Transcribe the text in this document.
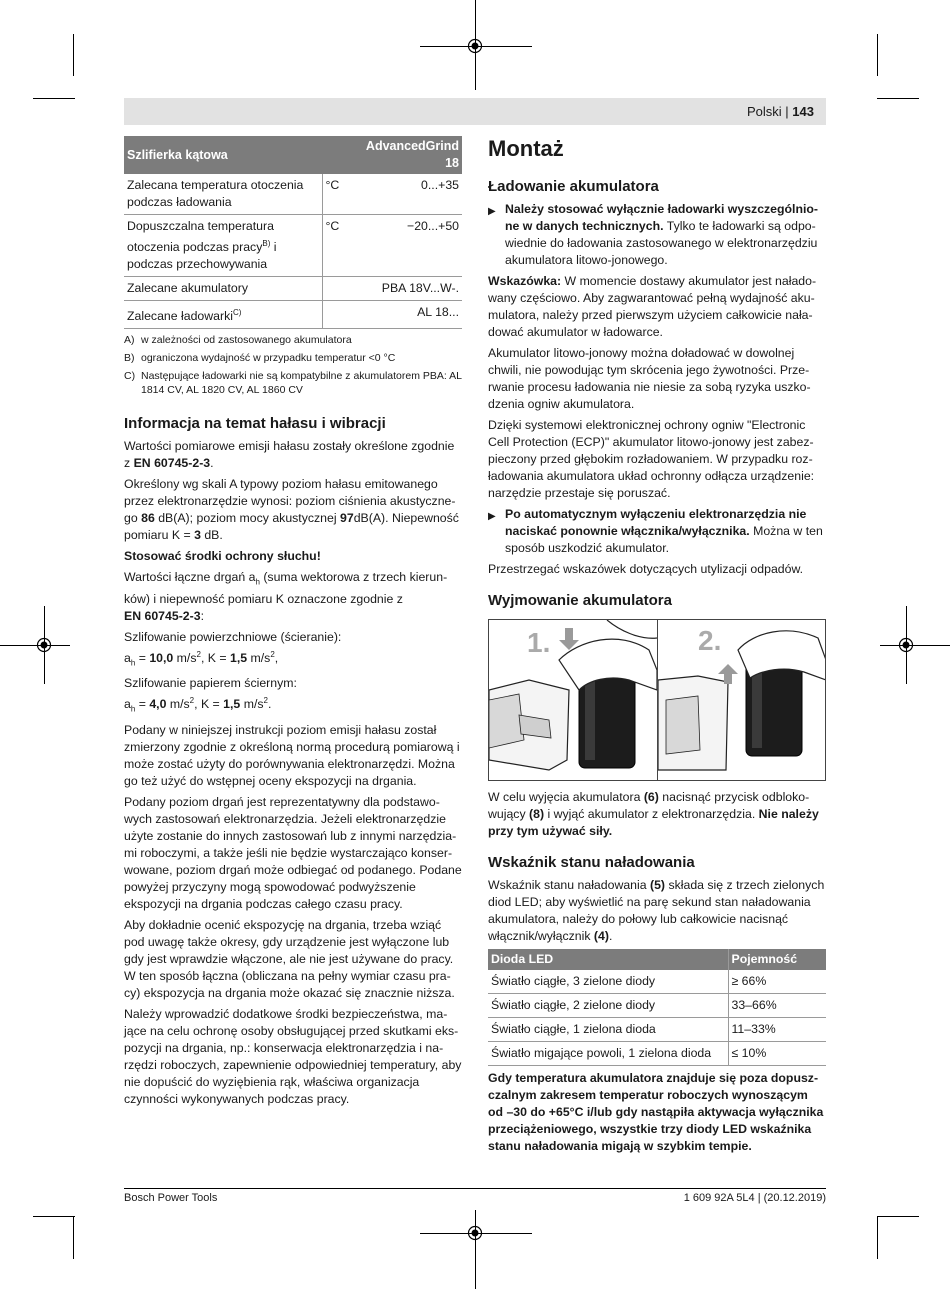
Polski | 143
Szlifierka kątowa		AdvancedGrind 18
Zalecana temperatura otoczenia podczas ładowania	°C	0...+35
Dopuszczalna temperatura otoczenia podczas pracy$^{B)}$ i podczas przechowywania	°C	−20...+50
Zalecane akumulatory		PBA 18V...W-.
Zalecane ładowarki$^{C)}$		AL 18...
A) w zależności od zastosowanego akumulatora
B) ograniczona wydajność w przypadku temperatur <0 °C
C) Następujące ładowarki nie są kompatybilne z akumulatorem PBA: AL 1814 CV, AL 1820 CV, AL 1860 CV
Informacja na temat hałasu i wibracji

Wartości pomiarowe emisji hałasu zostały określone zgodnie z EN 60745-2-3.

Określony wg skali A typowy poziom hałasu emitowanego przez elektronarzędzie wynosi: poziom ciśnienia akustycznego 86 dB(A); poziom mocy akustycznej 97dB(A). Niepewność pomiaru K = 3 dB.

Stosować środki ochrony słuchu!

Wartości łączne drgań $a_h$ (suma wektorowa z trzech kierunków) i niepewność pomiaru K oznaczone zgodnie z
EN 60745-2-3:

Szlifowanie powierzchniowe (ścieranie):
$a_h = 10,0$ $m/s^2$, K = 1,5 $m/s^2$,

Szlifowanie papierem ściernym:
$a_h = 4,0$ $m/s^2$, K = 1,5 $m/s^2$.

Podany w niniejszej instrukcji poziom emisji hałasu został zmierzony zgodnie z określoną normą procedurą pomiarową i może zostać użyty do porównywania elektronarzędzi. Można go też użyć do wstępnej oceny ekspozycji na drgania.

Podany poziom drgań jest reprezentatywny dla podstawowych zastosowań elektronarzędzia. Jeżeli elektronarzędzie użyte zostanie do innych zastosowań lub z innymi narzędziami roboczymi, a także jeśli nie będzie wystarczająco konserwowane, poziom drgań może odbiegać od podanego. Podane powyżej przyczyny mogą spowodować podwyższenie ekspozycji na drgania podczas całego czasu pracy.

Aby dokładnie ocenić ekspozycję na drgania, trzeba wziąć pod uwagę także okresy, gdy urządzenie jest wyłączone lub gdy jest wprawdzie włączone, ale nie jest używane do pracy. W ten sposób łączna (obliczana na pełny wymiar czasu pracy) ekspozycja na drgania może okazać się znacznie niższa.

Należy wprowadzić dodatkowe środki bezpieczeństwa, mające na celu ochronę osoby obsługującej przed skutkami ekspozycji na drgania, np.: konserwacja elektronarzędzia i narzędzi roboczych, zapewnienie odpowiedniej temperatury, aby nie dopuścić do wyziębienia rąk, właściwa organizacja czynności wykonywanych podczas pracy.

Montaż
Ładowanie akumulatora
▶ Należy stosować wyłącznie ładowarki wyszczególnione w danych technicznych. Tylko te ładowarki są odpowiednie do ładowania zastosowanego w elektronarzędziu akumulatora litowo-jonowego.

Wskazówka: W momencie dostawy akumulator jest naładowany częściowo. Aby zagwarantować pełną wydajność akumulatora, należy przed pierwszym użyciem całkowicie naładować akumulator w ładowarce.

Akumulator litowo-jonowy można doładować w dowolnej chwili, nie powodując tym skrócenia jego żywotności. Przerwanie procesu ładowania nie niesie za sobą ryzyka uszkodzenia ogniw akumulatora.

Dzięki systemowi elektronicznej ochrony ogniw "Electronic Cell Protection (ECP)" akumulator litowo-jonowy jest zabezpieczony przed głębokim rozładowaniem. W przypadku rozładowania akumulatora układ ochronny odłącza urządzenie: narzędzie przestaje się poruszać.

▶ Po automatycznym wyłączeniu elektronarzędzia nie naciskać ponownie włącznika/wyłącznika. Można w ten sposób uszkodzić akumulator.

Przestrzegać wskazówek dotyczących utylizacji odpadów.

Wyjmowanie akumulatora
1.	2.

W celu wyjęcia akumulatora (6) nacisnąć przycisk odblokowujący (8) i wyjąć akumulator z elektronarzędzia. Nie należy przy tym używać siły.

Wskaźnik stanu naładowania

Wskaźnik stanu naładowania (5) składa się z trzech zielonych diod LED; aby wyświetlić na parę sekund stan naładowania akumulatora, należy do połowy lub całkowicie nacisnąć włącznik/wyłącznik (4).

Dioda LED	Pojemność
Światło ciągłe, 3 zielone diody	≥ 66%
Światło ciągłe, 2 zielone diody	33–66%
Światło ciągłe, 1 zielona dioda	11–33%
Światło migające powoli, 1 zielona dioda	≤ 10%

Gdy temperatura akumulatora znajduje się poza dopuszczalnym zakresem temperatur roboczych wynoszącym od –30 do +65°C i/lub gdy nastąpiła aktywacja wyłącznika przeciążeniowego, wszystkie trzy diody LED wskaźnika stanu naładowania migają w szybkim tempie.

Bosch Power Tools	1 609 92A 5L4 | (20.12.2019)
